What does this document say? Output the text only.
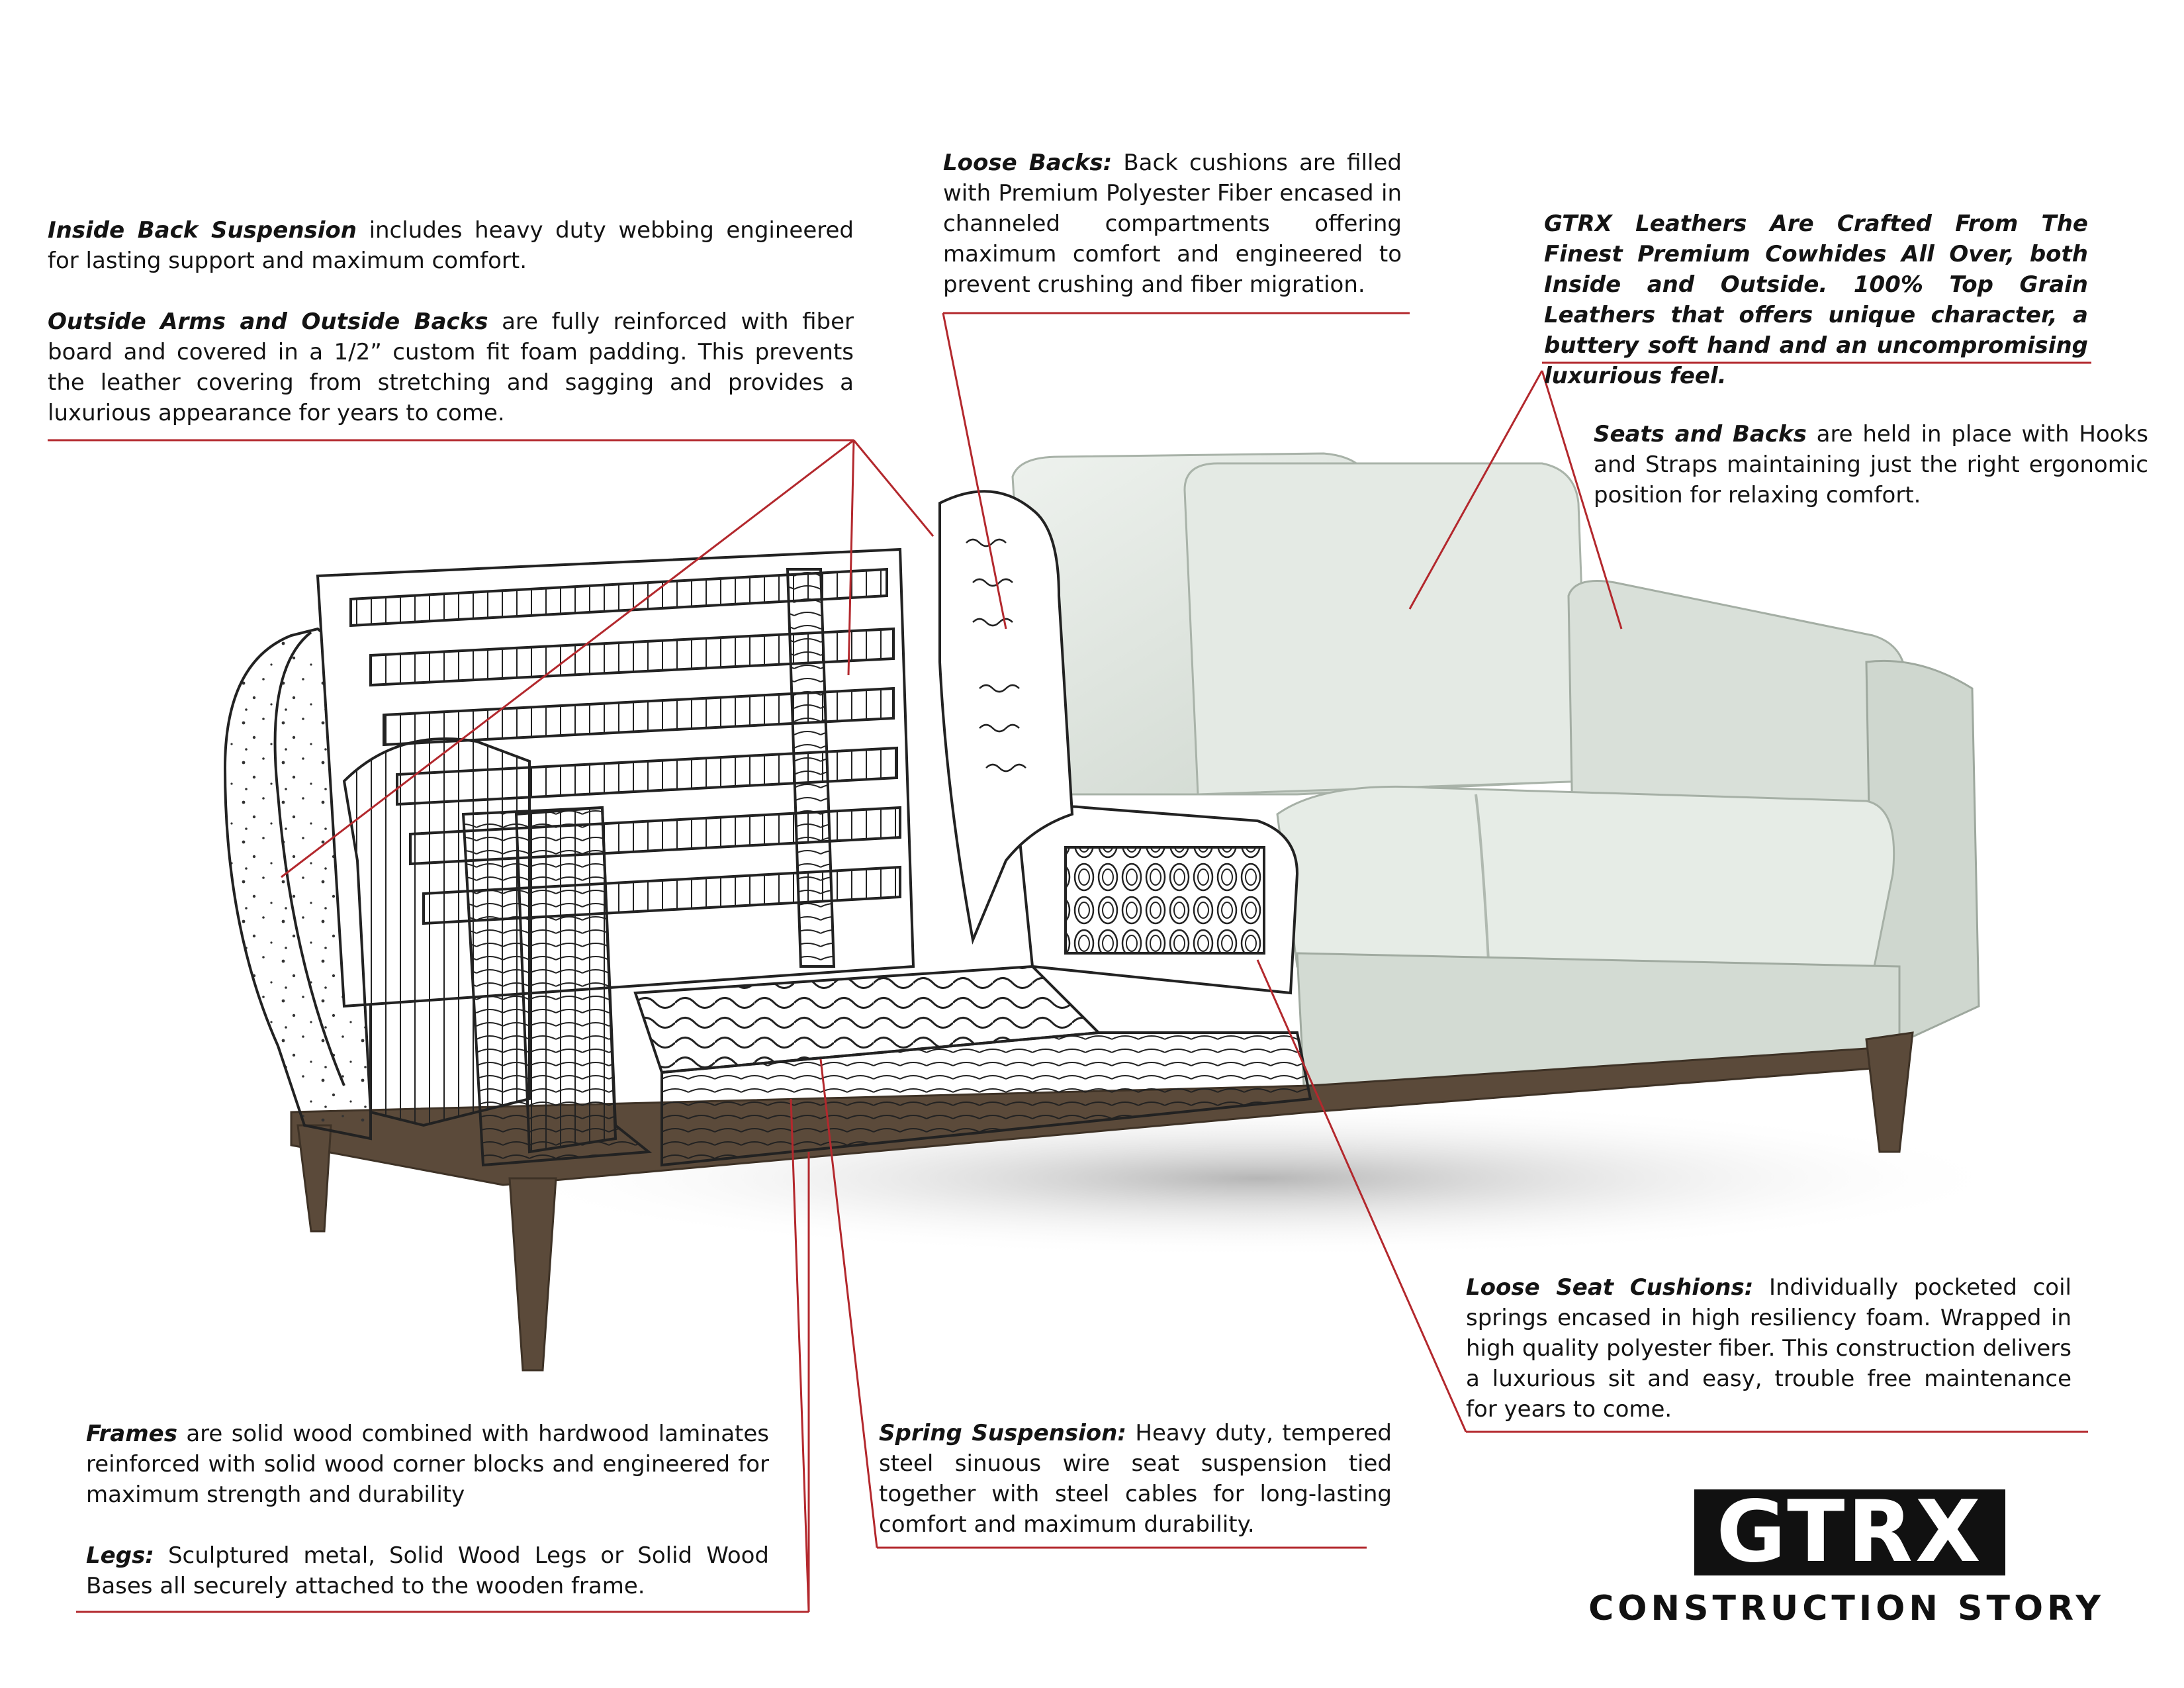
Inside Back Suspension includes heavy duty webbing engineered for lasting support and maximum comfort.

Outside Arms and Outside Backs are fully reinforced with fiber board and covered in a 1/2” custom fit foam padding. This prevents the leather covering from stretching and sagging and provides a luxurious appearance for years to come.

Loose Backs: Back cushions are filled with Premium Polyester Fiber encased in channeled compartments offering maximum comfort and engineered to prevent crushing and fiber migration.

GTRX Leathers Are Crafted From The Finest Premium Cowhides All Over, both Inside and Outside. 100% Top Grain Leathers that offers unique character, a buttery soft hand and an uncompromising luxurious feel.

Seats and Backs are held in place with Hooks and Straps maintaining just the right ergonomic position for relaxing comfort.

Loose Seat Cushions: Individually pocketed coil springs encased in high resiliency foam. Wrapped in high quality polyester fiber. This construction delivers a luxurious sit and easy, trouble free maintenance for years to come.

Frames are solid wood combined with hardwood laminates reinforced with solid wood corner blocks and engineered for maximum strength and durability

Legs: Sculptured metal, Solid Wood Legs or Solid Wood Bases all securely attached to the wooden frame.

Spring Suspension: Heavy duty, tempered steel sinuous wire seat suspension tied together with steel cables for long-lasting comfort and maximum durability.	GTRX
CONSTRUCTION STORY
